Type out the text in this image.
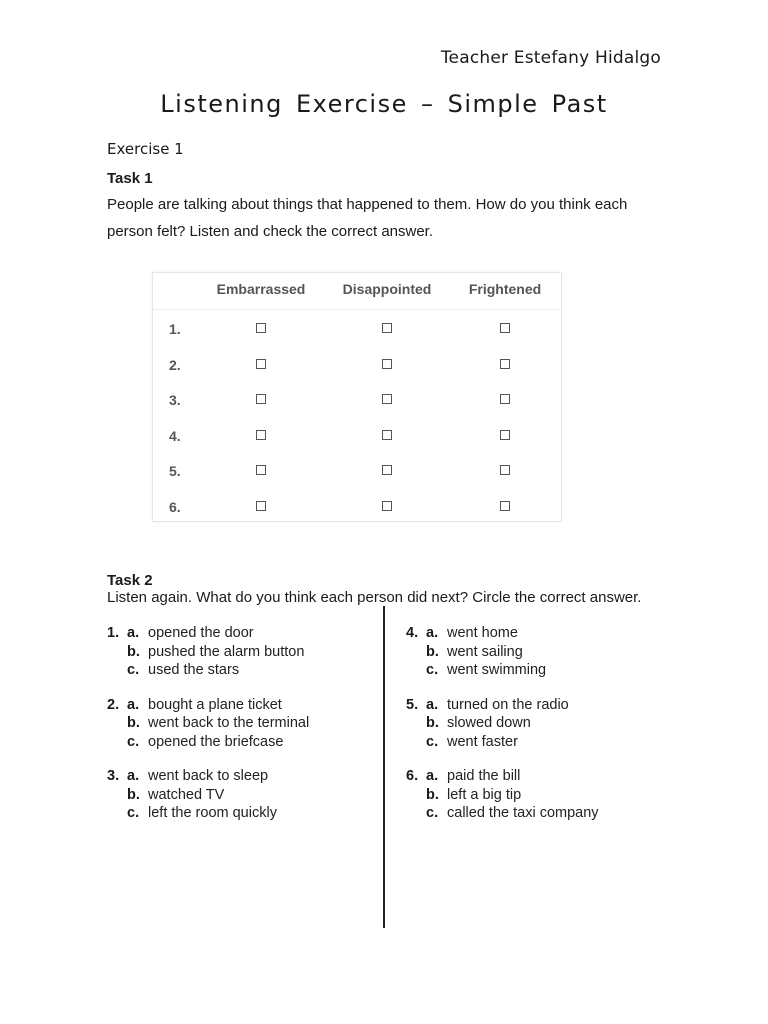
Teacher Estefany Hidalgo
Listening Exercise – Simple Past
Exercise 1
Task 1
People are talking about things that happened to them. How do you think each person felt? Listen and check the correct answer.
Embarrassed	Disappointed	Frightened
1.
2.
3.
4.
5.
6.
Task 2
Listen again. What do you think each person did next? Circle the correct answer.
1. a. opened the door
b. pushed the alarm button
c. used the stars
2. a. bought a plane ticket
b. went back to the terminal
c. opened the briefcase
3. a. went back to sleep
b. watched TV
c. left the room quickly
4. a. went home
b. went sailing
c. went swimming
5. a. turned on the radio
b. slowed down
c. went faster
6. a. paid the bill
b. left a big tip
c. called the taxi company
